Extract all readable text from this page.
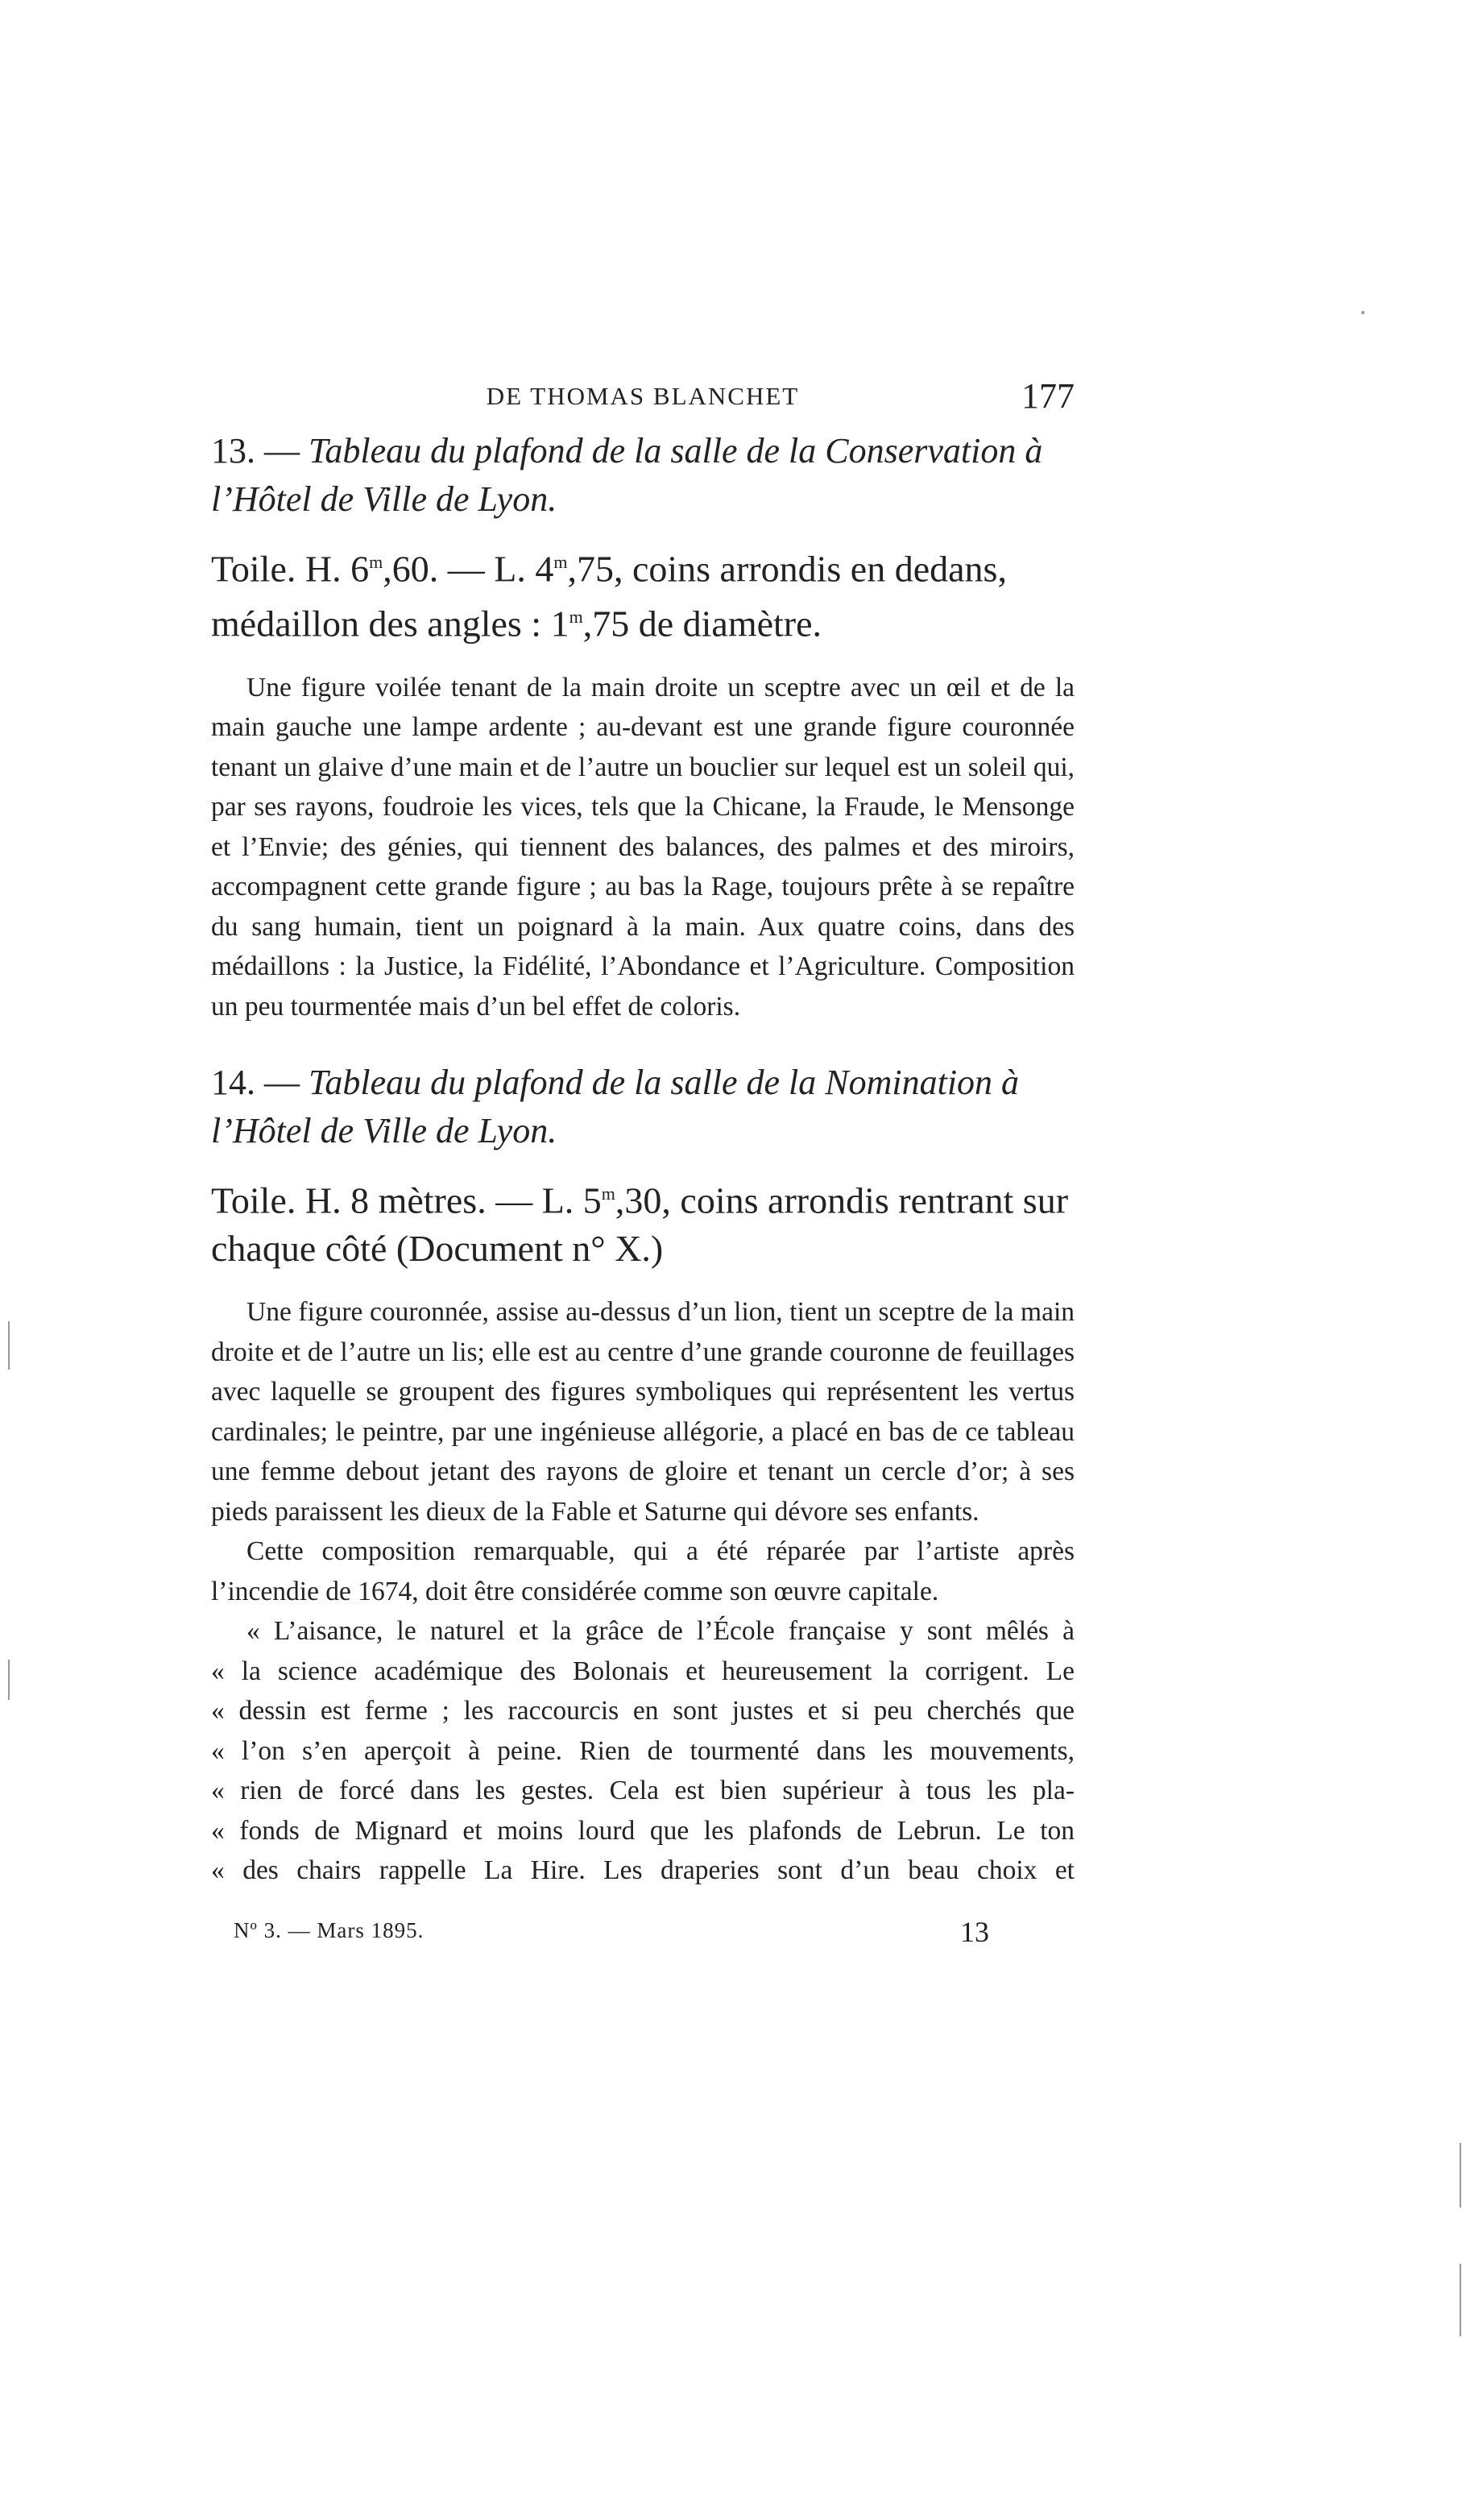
DE THOMAS BLANCHET	177

13. — Tableau du plafond de la salle de la Conservation à l’Hôtel de Ville de Lyon.

Toile. H. 6$^m$,60. — L. 4$^m$,75, coins arrondis en dedans, médaillon des angles : 1$^m$,75 de diamètre.

Une figure voilée tenant de la main droite un sceptre avec un œil et de la main gauche une lampe ardente ; au-devant est une grande figure couronnée tenant un glaive d’une main et de l’autre un bouclier sur lequel est un soleil qui, par ses rayons, foudroie les vices, tels que la Chicane, la Fraude, le Mensonge et l’Envie; des génies, qui tiennent des balances, des palmes et des miroirs, accompagnent cette grande figure ; au bas la Rage, toujours prête à se repaître du sang humain, tient un poignard à la main. Aux quatre coins, dans des médaillons : la Justice, la Fidélité, l’Abondance et l’Agriculture. Composition un peu tourmentée mais d’un bel effet de coloris.

14. — Tableau du plafond de la salle de la Nomination à l’Hôtel de Ville de Lyon.

Toile. H. 8 mètres. — L. 5$^m$,30, coins arrondis rentrant sur chaque côté (Document n° X.)

Une figure couronnée, assise au-dessus d’un lion, tient un sceptre de la main droite et de l’autre un lis; elle est au centre d’une grande couronne de feuillages avec laquelle se groupent des figures symboliques qui représentent les vertus cardinales; le peintre, par une ingénieuse allégorie, a placé en bas de ce tableau une femme debout jetant des rayons de gloire et tenant un cercle d’or; à ses pieds paraissent les dieux de la Fable et Saturne qui dévore ses enfants.

Cette composition remarquable, qui a été réparée par l’artiste après l’incendie de 1674, doit être considérée comme son œuvre capitale.

« L’aisance, le naturel et la grâce de l’École française y sont mêlés à
« la science académique des Bolonais et heureusement la corrigent. Le
« dessin est ferme ; les raccourcis en sont justes et si peu cherchés que
« l’on s’en aperçoit à peine. Rien de tourmenté dans les mouvements,
« rien de forcé dans les gestes. Cela est bien supérieur à tous les pla-
« fonds de Mignard et moins lourd que les plafonds de Lebrun. Le ton
« des chairs rappelle La Hire. Les draperies sont d’un beau choix et

Nº 3. — Mars 1895.	13
